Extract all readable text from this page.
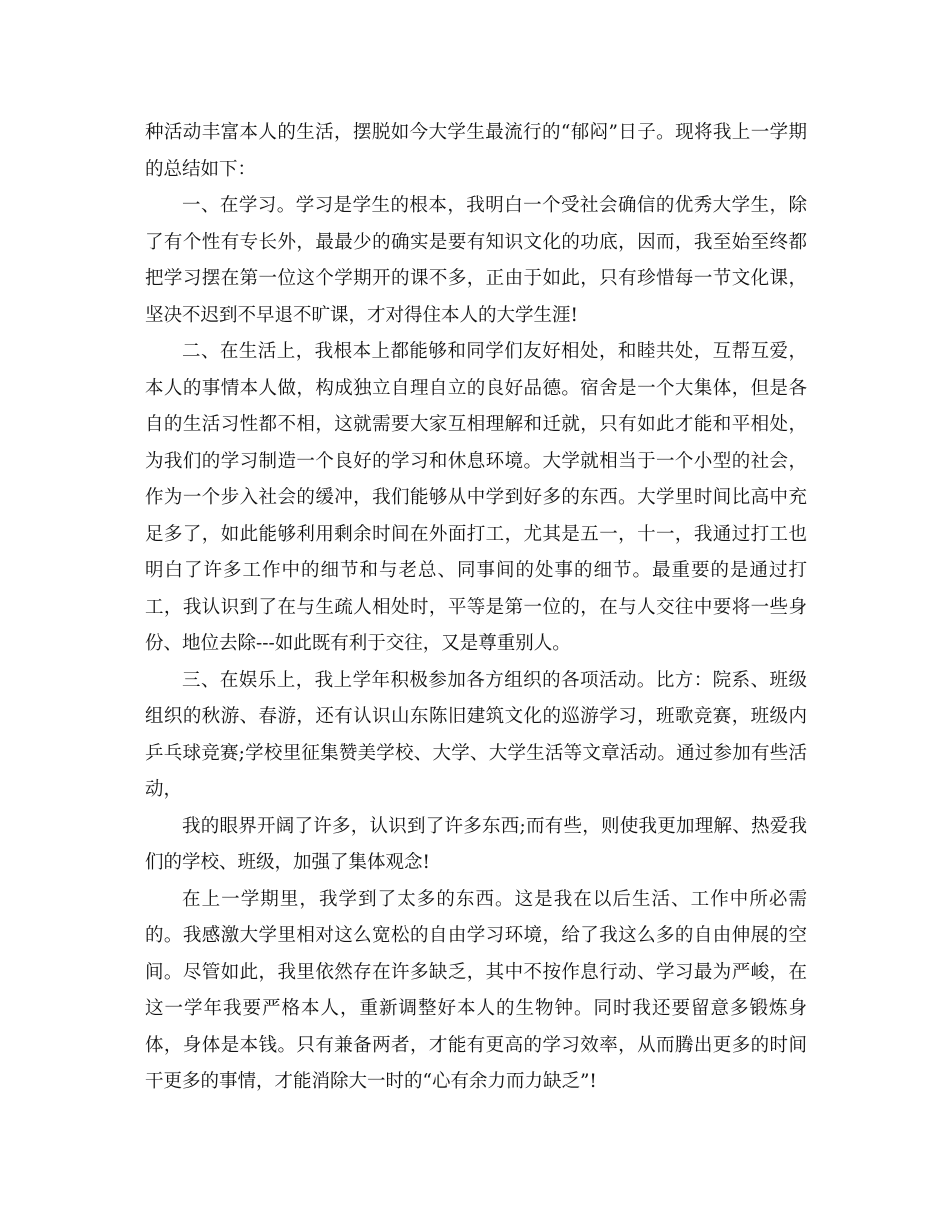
种活动丰富本人的生活，摆脱如今大学生最流行的“郁闷”日子。现将我上一学期的总结如下：

一、在学习。学习是学生的根本，我明白一个受社会确信的优秀大学生，除了有个性有专长外，最最少的确实是要有知识文化的功底，因而，我至始至终都把学习摆在第一位这个学期开的课不多，正由于如此，只有珍惜每一节文化课，坚决不迟到不早退不旷课，才对得住本人的大学生涯!

二、在生活上，我根本上都能够和同学们友好相处，和睦共处，互帮互爱，本人的事情本人做，构成独立自理自立的良好品德。宿舍是一个大集体，但是各自的生活习性都不相，这就需要大家互相理解和迁就，只有如此才能和平相处，为我们的学习制造一个良好的学习和休息环境。大学就相当于一个小型的社会，作为一个步入社会的缓冲，我们能够从中学到好多的东西。大学里时间比高中充足多了，如此能够利用剩余时间在外面打工，尤其是五一，十一，我通过打工也明白了许多工作中的细节和与老总、同事间的处事的细节。最重要的是通过打工，我认识到了在与生疏人相处时，平等是第一位的，在与人交往中要将一些身份、地位去除---如此既有利于交往，又是尊重别人。

三、在娱乐上，我上学年积极参加各方组织的各项活动。比方：院系、班级组织的秋游、春游，还有认识山东陈旧建筑文化的巡游学习，班歌竞赛，班级内乒乓球竞赛;学校里征集赞美学校、大学、大学生活等文章活动。通过参加有些活动，

我的眼界开阔了许多，认识到了许多东西;而有些，则使我更加理解、热爱我们的学校、班级，加强了集体观念!

在上一学期里，我学到了太多的东西。这是我在以后生活、工作中所必需的。我感激大学里相对这么宽松的自由学习环境，给了我这么多的自由伸展的空间。尽管如此，我里依然存在许多缺乏，其中不按作息行动、学习最为严峻，在这一学年我要严格本人，重新调整好本人的生物钟。同时我还要留意多锻炼身体，身体是本钱。只有兼备两者，才能有更高的学习效率，从而腾出更多的时间干更多的事情，才能消除大一时的“心有余力而力缺乏”!
